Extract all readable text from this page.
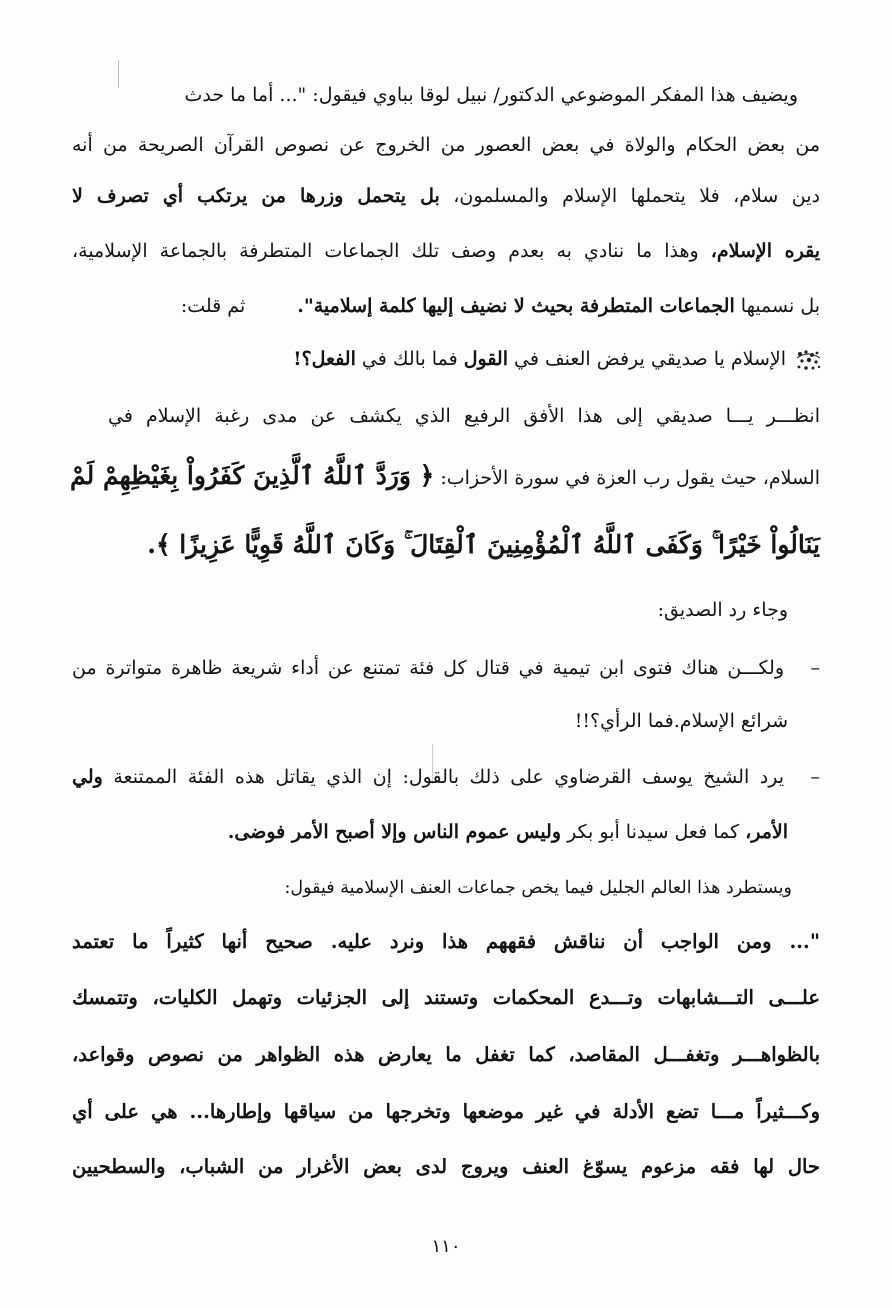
ويضيف هذا المفكر الموضوعي الدكتور/ نبيل لوقا بباوي فيقول: "... أما ما حدث
من بعض الحكام والولاة في بعض العصور من الخروج عن نصوص القرآن الصريحة من أنه
دين سلام، فلا يتحملها الإسلام والمسلمون، بل يتحمل وزرها من يرتكب أي تصرف لا
يقره الإسلام، وهذا ما ننادي به بعدم وصف تلك الجماعات المتطرفة بالجماعة الإسلامية،
بل نسميها الجماعات المتطرفة بحيث لا نضيف إليها كلمة إسلامية".ثم قلت:
الإسلام يا صديقي يرفض العنف في القول فما بالك في الفعل؟!
انظـــر يـــا صديقي إلى هذا الأفق الرفيع الذي يكشف عن مدى رغبة الإسلام في
السلام، حيث يقول رب العزة في سورة الأحزاب: ﴿ وَرَدَّ ٱللَّهُ ٱلَّذِينَ كَفَرُواْ بِغَيْظِهِمْ لَمْ
يَنَالُواْ خَيْرًا ۚ وَكَفَى ٱللَّهُ ٱلْمُؤْمِنِينَ ٱلْقِتَالَ ۚ وَكَانَ ٱللَّهُ قَوِيًّا عَزِيزًا ﴾.
وجاء رد الصديق:
–
ولكـــن هناك فتوى ابن تيمية في قتال كل فئة تمتنع عن أداء شريعة ظاهرة متواترة من
شرائع الإسلام.فما الرأي؟!!
–
يرد الشيخ يوسف القرضاوي على ذلك بالقول: إن الذي يقاتل هذه الفئة الممتنعة ولي
الأمر، كما فعل سيدنا أبو بكر وليس عموم الناس وإلا أصبح الأمر فوضى.
ويستطرد هذا العالم الجليل فيما يخص جماعات العنف الإسلامية فيقول:
"... ومن الواجب أن نناقش فقههم هذا ونرد عليه. صحيح أنها كثيراً ما تعتمد
علـــى التـــشابهات وتـــدع المحكمات وتستند إلى الجزئيات وتهمل الكليات، وتتمسك
بالظواهـــر وتغفـــل المقاصد، كما تغفل ما يعارض هذه الظواهر من نصوص وقواعد،
وكـــثيراً مـــا تضع الأدلة في غير موضعها وتخرجها من سياقها وإطارها... هي على أي
حال لها فقه مزعوم يسوّغ العنف ويروج لدى بعض الأغرار من الشباب، والسطحيين
١١٠
